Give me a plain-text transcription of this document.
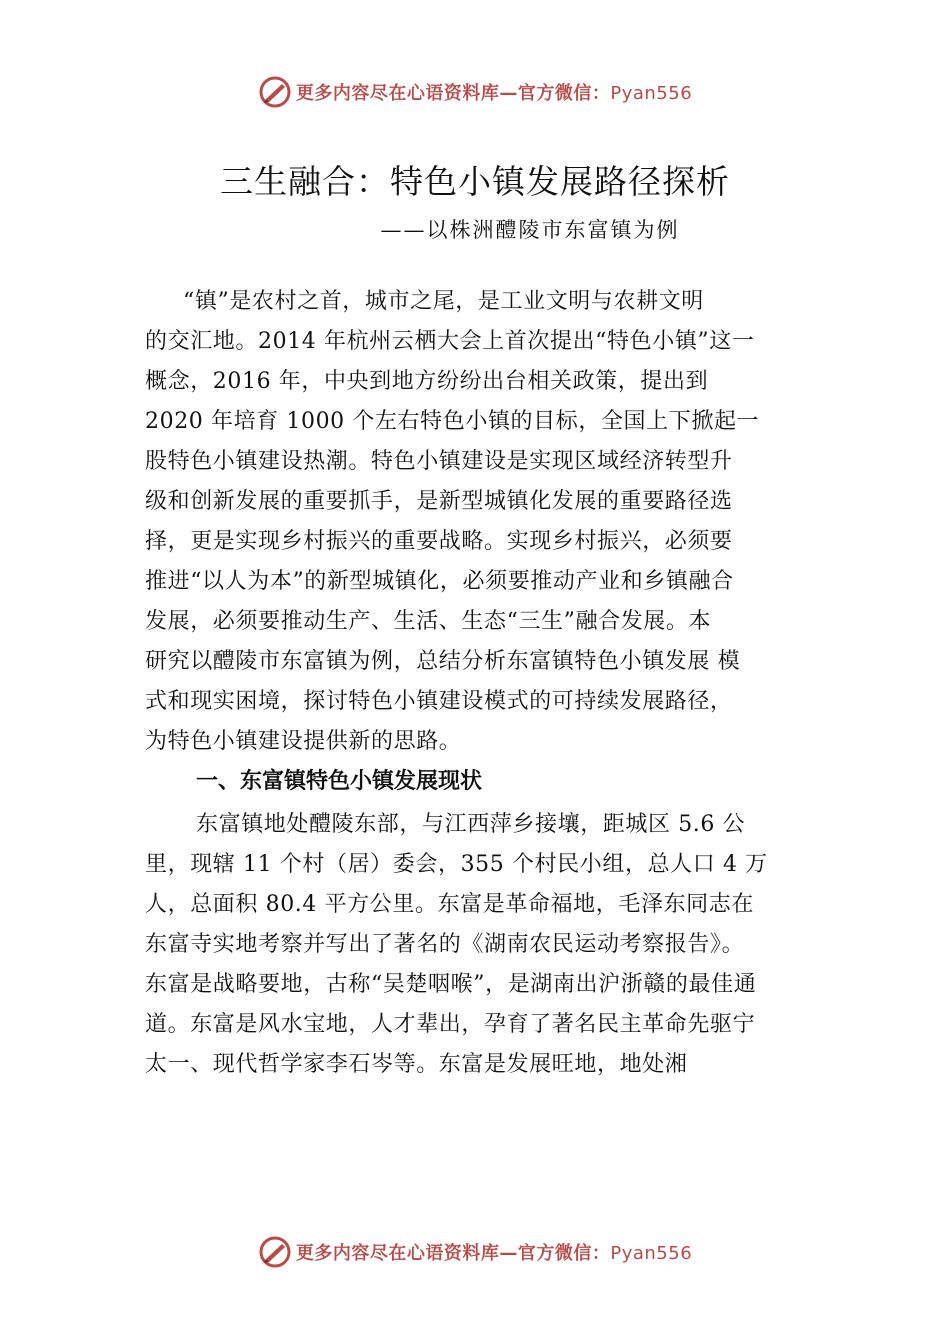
更多内容尽在心语资料库—官方微信：Pyan556
三生融合：特色小镇发展路径探析
——以株洲醴陵市东富镇为例
“镇”是农村之首，城市之尾，是工业文明与农耕文明
的交汇地。2014 年杭州云栖大会上首次提出“特色小镇”这一
概念，2016 年，中央到地方纷纷出台相关政策，提出到
2020 年培育 1000 个左右特色小镇的目标，全国上下掀起一
股特色小镇建设热潮。特色小镇建设是实现区域经济转型升
级和创新发展的重要抓手，是新型城镇化发展的重要路径选
择，更是实现乡村振兴的重要战略。实现乡村振兴，必须要
推进“以人为本”的新型城镇化，必须要推动产业和乡镇融合
发展，必须要推动生产、生活、生态“三生”融合发展。本
研究以醴陵市东富镇为例，总结分析东富镇特色小镇发展 模
式和现实困境，探讨特色小镇建设模式的可持续发展路径，
为特色小镇建设提供新的思路。
一、东富镇特色小镇发展现状
东富镇地处醴陵东部，与江西萍乡接壤，距城区 5.6 公
里，现辖 11 个村（居）委会，355 个村民小组，总人口 4 万
人，总面积 80.4 平方公里。东富是革命福地，毛泽东同志在
东富寺实地考察并写出了著名的《湖南农民运动考察报告》。
东富是战略要地，古称“吴楚咽喉”，是湖南出沪浙赣的最佳通
道。东富是风水宝地，人才辈出，孕育了著名民主革命先驱宁
太一、现代哲学家李石岑等。东富是发展旺地，地处湘
更多内容尽在心语资料库—官方微信：Pyan556
